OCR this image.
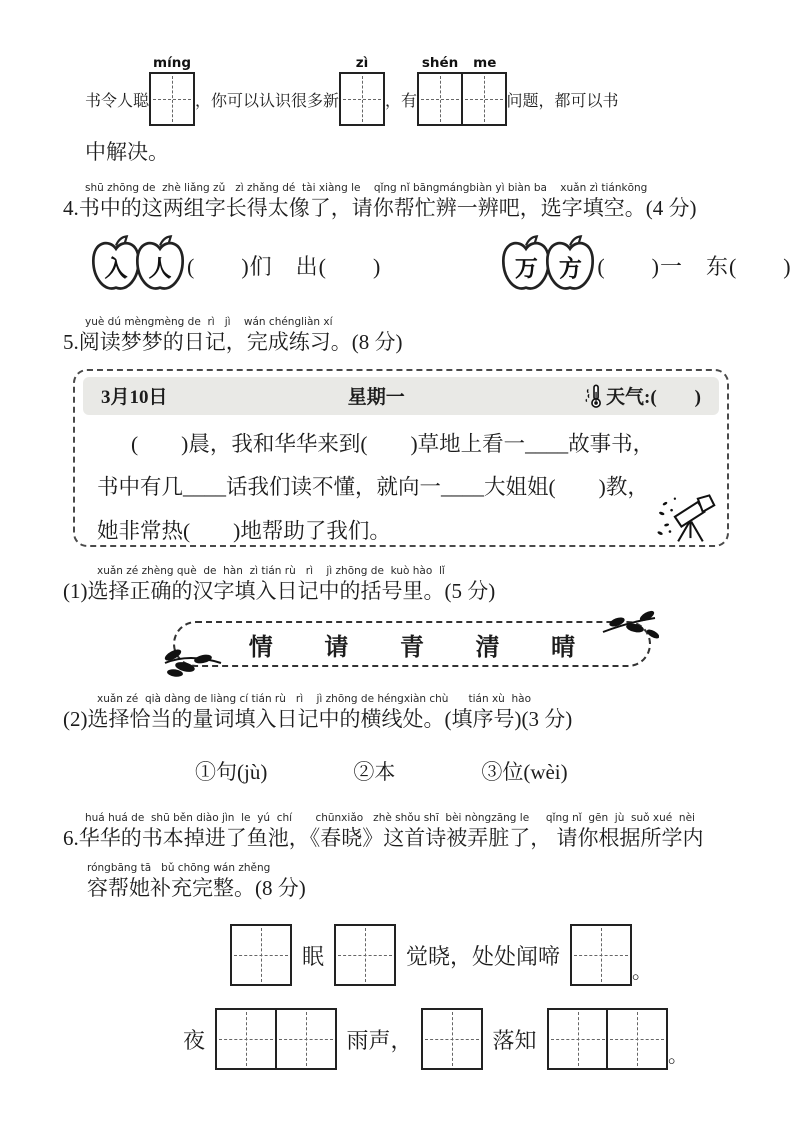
书令人聪
míng
，你可以认识很多新
zì
，有
shén	me
问题，都可以书
中解决。
shū zhōng de  zhè liǎng zǔ   zì zhǎng dé  tài xiàng le    qǐng nǐ bāngmángbiàn yì biàn ba    xuǎn zì tiánkōng
4.书中的这两组字长得太像了，请你帮忙辨一辨吧，选字填空。(4 分)
入 人 (　　)们　出(　　)	万 方 (　　)一　东(　　)
yuè dú mèngmèng de  rì   jì    wán chéngliàn xí
5.阅读梦梦的日记，完成练习。(8 分)
3月10日	星期一	天气:(　　)
(　　)晨，我和华华来到(　　)草地上看一____故事书，
书中有几____话我们读不懂，就向一____大姐姐(　　)教，
她非常热(　　)地帮助了我们。
xuǎn zé zhèng què  de  hàn  zì tián rù   rì    jì zhōng de  kuò hào  lǐ
(1)选择正确的汉字填入日记中的括号里。(5 分)
情 请 青 清 晴
xuǎn zé  qià dàng de liàng cí tián rù   rì    jì zhōng de héngxiàn chù      tián xù  hào
(2)选择恰当的量词填入日记中的横线处。(填序号)(3 分)
①句(jù)	②本	③位(wèi)
huá huá de  shū běn diào jìn  le  yú  chí       chūnxiǎo   zhè shǒu shī  bèi nòngzāng le     qǐng nǐ  gēn  jù  suǒ xué  nèi
6.华华的书本掉进了鱼池，《春晓》这首诗被弄脏了， 请你根据所学内
róngbāng tā   bǔ chōng wán zhěng
容帮她补充完整。(8 分)
眠	觉晓，处处闻啼
。
夜	雨声，	落知
。
